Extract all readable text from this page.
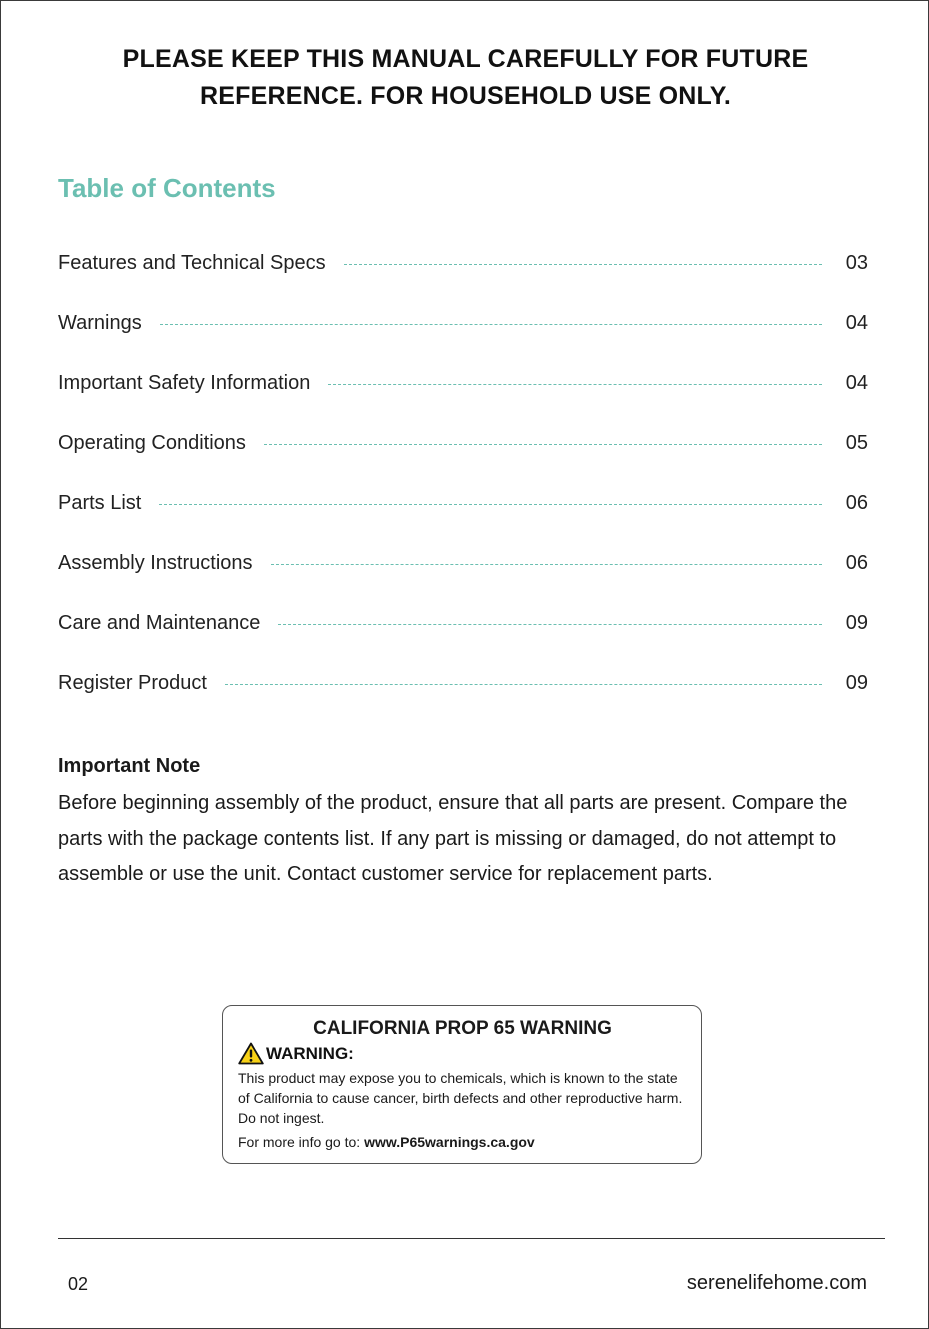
PLEASE KEEP THIS MANUAL CAREFULLY FOR FUTURE
REFERENCE. FOR HOUSEHOLD USE ONLY.
Table of Contents
Features and Technical Specs	03
Warnings	04
Important Safety Information	04
Operating Conditions	05
Parts List	06
Assembly Instructions	06
Care and Maintenance	09
Register Product	09
Important Note
Before beginning assembly of the product, ensure that all parts are present. Compare the parts with the package contents list. If any part is missing or damaged, do not attempt to assemble or use the unit. Contact customer service for replacement parts.
CALIFORNIA PROP 65 WARNING
WARNING:
This product may expose you to chemicals, which is known to the state of California to cause cancer, birth defects and other reproductive harm. Do not ingest.
For more info go to: www.P65warnings.ca.gov
02	serenelifehome.com
